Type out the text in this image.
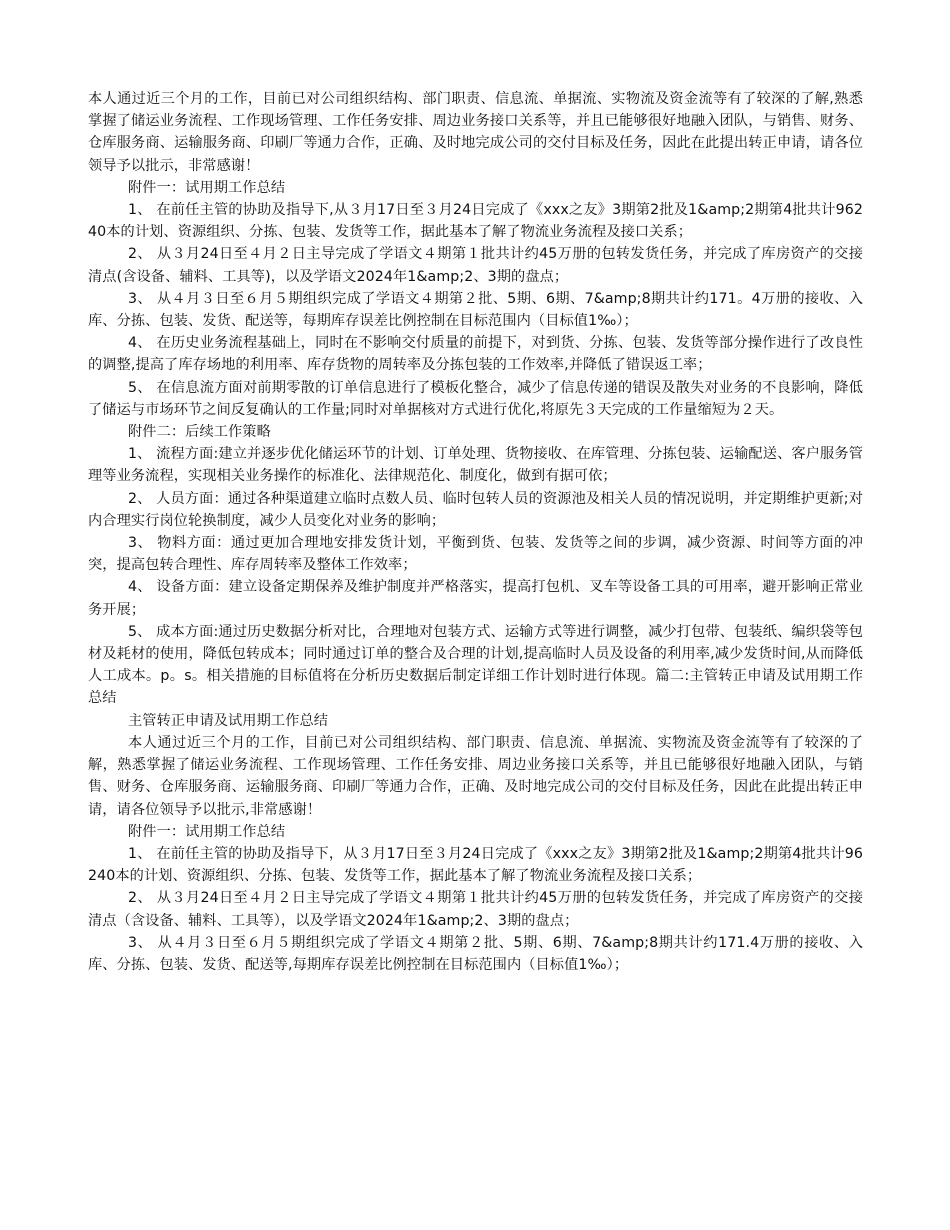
本人通过近三个月的工作，目前已对公司组织结构、部门职责、信息流、单据流、实物流及资金流等有了较深的了解,熟悉掌握了储运业务流程、工作现场管理、工作任务安排、周边业务接口关系等，并且已能够很好地融入团队，与销售、财务、仓库服务商、运输服务商、印刷厂等通力合作，正确、及时地完成公司的交付目标及任务，因此在此提出转正申请，请各位领导予以批示，非常感谢！

附件一：试用期工作总结

1、 在前任主管的协助及指导下,从３月17日至３月24日完成了《xxx之友》3期第2批及1&amp;2期第4批共计96240本的计划、资源组织、分拣、包装、发货等工作，据此基本了解了物流业务流程及接口关系；

2、 从３月24日至４月２日主导完成了学语文４期第１批共计约45万册的包转发货任务，并完成了库房资产的交接清点(含设备、辅料、工具等)，以及学语文2024年1&amp;2、3期的盘点；

3、 从４月３日至６月５期组织完成了学语文４期第２批、5期、6期、7&amp;8期共计约171。4万册的接收、入库、分拣、包装、发货、配送等，每期库存误差比例控制在目标范围内（目标值1‰）；

4、 在历史业务流程基础上，同时在不影响交付质量的前提下，对到货、分拣、包装、发货等部分操作进行了改良性的调整,提高了库存场地的利用率、库存货物的周转率及分拣包装的工作效率,并降低了错误返工率；

5、 在信息流方面对前期零散的订单信息进行了模板化整合，减少了信息传递的错误及散失对业务的不良影响，降低了储运与市场环节之间反复确认的工作量;同时对单据核对方式进行优化,将原先３天完成的工作量缩短为２天。

附件二：后续工作策略

1、 流程方面:建立并逐步优化储运环节的计划、订单处理、货物接收、在库管理、分拣包装、运输配送、客户服务管理等业务流程，实现相关业务操作的标准化、法律规范化、制度化，做到有据可依；

2、 人员方面：通过各种渠道建立临时点数人员、临时包转人员的资源池及相关人员的情况说明，并定期维护更新;对内合理实行岗位轮换制度，减少人员变化对业务的影响；

3、 物料方面：通过更加合理地安排发货计划，平衡到货、包装、发货等之间的步调，减少资源、时间等方面的冲突，提高包转合理性、库存周转率及整体工作效率；

4、 设备方面：建立设备定期保养及维护制度并严格落实，提高打包机、叉车等设备工具的可用率，避开影响正常业务开展；

5、 成本方面:通过历史数据分析对比，合理地对包装方式、运输方式等进行调整，减少打包带、包装纸、编织袋等包材及耗材的使用，降低包转成本；同时通过订单的整合及合理的计划,提高临时人员及设备的利用率,减少发货时间,从而降低人工成本。p。s。相关措施的目标值将在分析历史数据后制定详细工作计划时进行体现。篇二:主管转正申请及试用期工作总结

主管转正申请及试用期工作总结

本人通过近三个月的工作，目前已对公司组织结构、部门职责、信息流、单据流、实物流及资金流等有了较深的了解，熟悉掌握了储运业务流程、工作现场管理、工作任务安排、周边业务接口关系等，并且已能够很好地融入团队，与销售、财务、仓库服务商、运输服务商、印刷厂等通力合作，正确、及时地完成公司的交付目标及任务，因此在此提出转正申请，请各位领导予以批示,非常感谢！

附件一：试用期工作总结

1、 在前任主管的协助及指导下，从３月17日至３月24日完成了《xxx之友》3期第2批及1&amp;2期第4批共计96240本的计划、资源组织、分拣、包装、发货等工作，据此基本了解了物流业务流程及接口关系；

2、 从３月24日至４月２日主导完成了学语文４期第１批共计约45万册的包转发货任务，并完成了库房资产的交接清点（含设备、辅料、工具等），以及学语文2024年1&amp;2、3期的盘点；

3、 从４月３日至６月５期组织完成了学语文４期第２批、5期、6期、7&amp;8期共计约171.4万册的接收、入库、分拣、包装、发货、配送等,每期库存误差比例控制在目标范围内（目标值1‰）；
